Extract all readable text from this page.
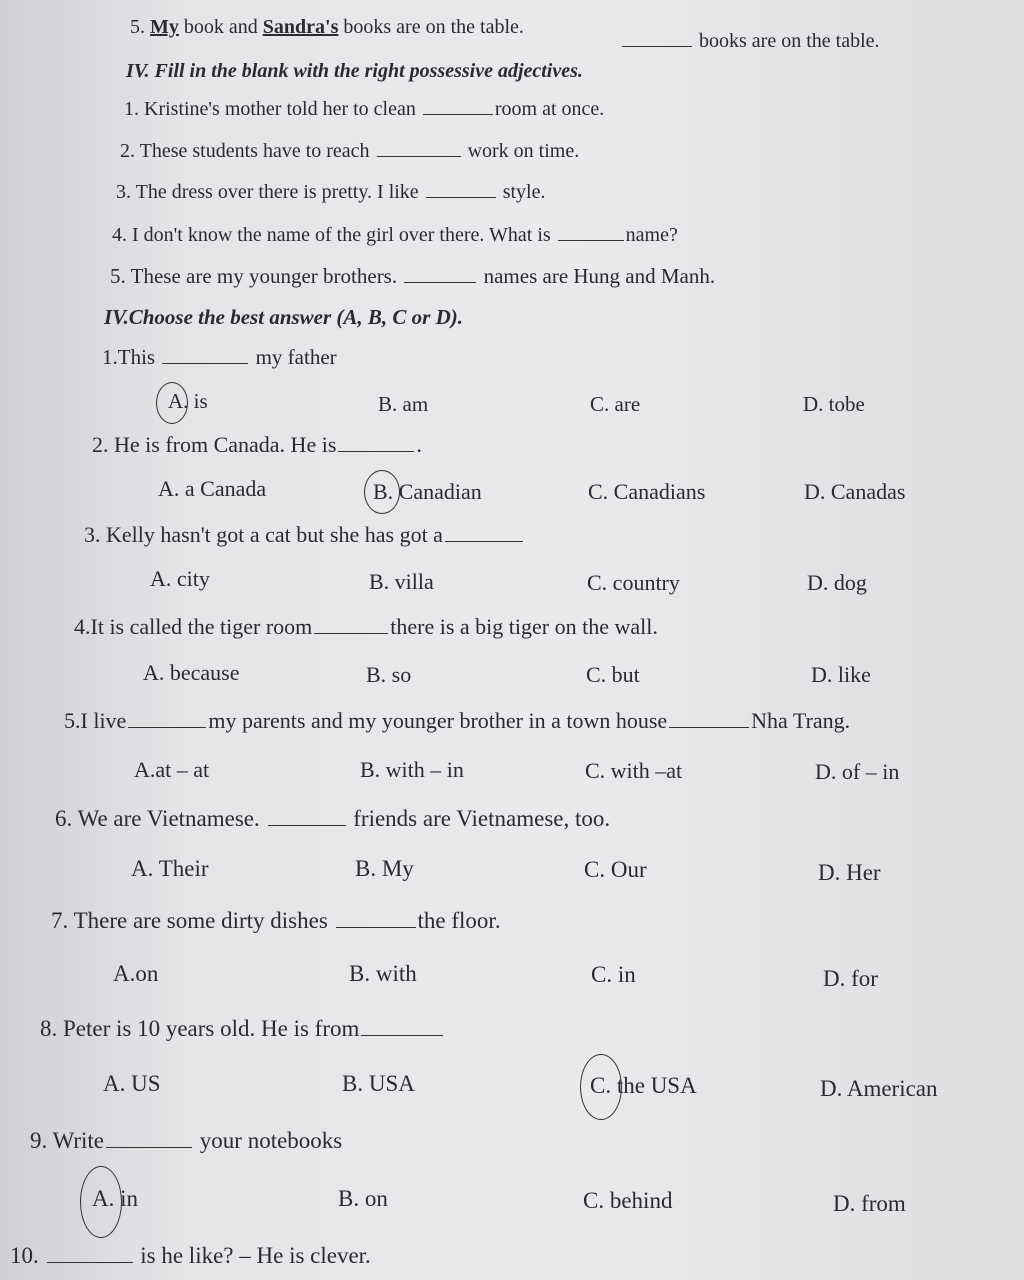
5. My book and Sandra's books are on the table.
books are on the table.
IV. Fill in the blank with the right possessive adjectives.
1. Kristine's mother told her to clean	room at once.
2. These students have to reach	work on time.
3. The dress over there is pretty. I like	style.
4. I don't know the name of the girl over there. What is	name?
5. These are my younger brothers.	names are Hung and Manh.
IV.Choose the best answer (A, B, C or D).
1.This	my father
A. is	B. am	C. are	D. tobe
2. He is from Canada. He is	.
A. a Canada	B. Canadian	C. Canadians	D. Canadas
3. Kelly hasn't got a cat but she has got a
A. city	B. villa	C. country	D. dog
4.It is called the tiger room	there is a big tiger on the wall.
A. because	B. so	C. but	D. like
5.I live	my parents and my younger brother in a town house	Nha Trang.
A.at – at	B. with – in	C. with –at	D. of – in
6. We are Vietnamese.	friends are Vietnamese, too.
A. Their	B. My	C. Our	D. Her
7. There are some dirty dishes	the floor.
A.on	B. with	C. in	D. for
8. Peter is 10 years old. He is from
A. US	B. USA	C. the USA	D. American
9. Write	your notebooks
A. in	B. on	C. behind	D. from
10.	is he like? – He is clever.
